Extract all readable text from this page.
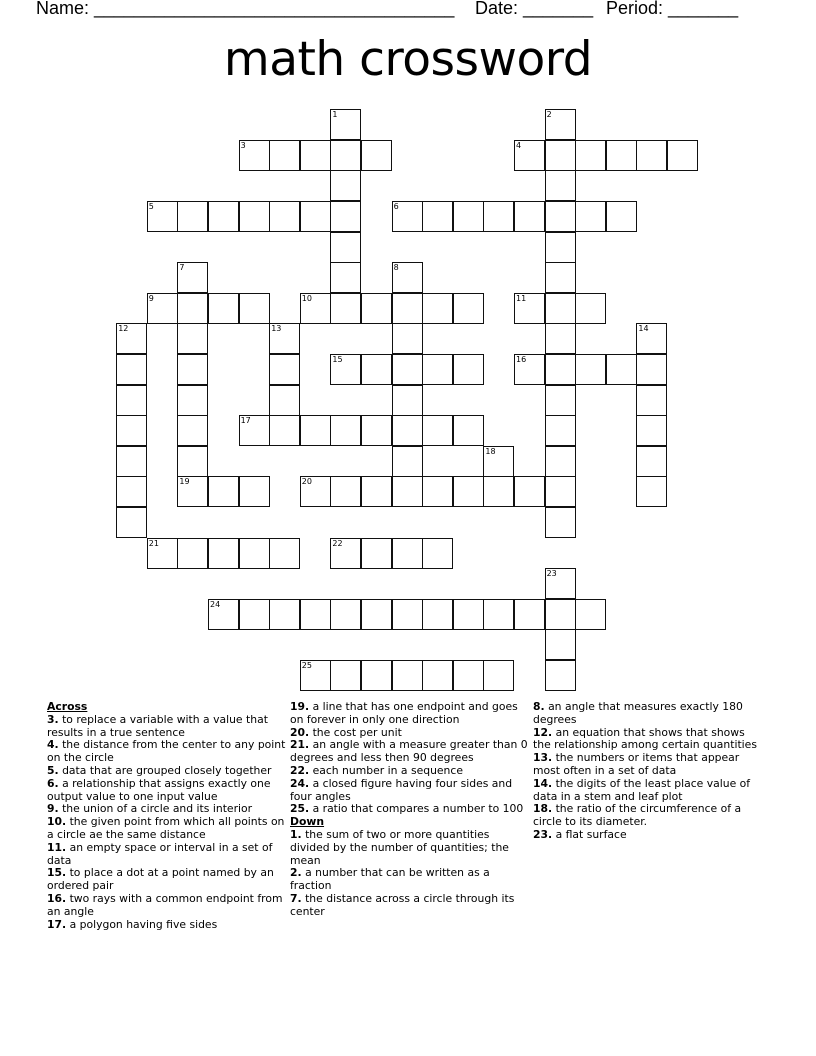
Name: ____________________________________ Date: _______ Period: _______
math crossword
1	2
3	4
5	6
7
19
8
9	10	11
12	13	14
15	16
17
18
20
21	22
23
24
25
Across

3. to replace a variable with a value that results in a true sentence

4. the distance from the center to any point on the circle

5. data that are grouped closely together

6. a relationship that assigns exactly one output value to one input value

9. the union of a circle and its interior

10. the given point from which all points on a circle ae the same distance

11. an empty space or interval in a set of data

15. to place a dot at a point named by an ordered pair

16. two rays with a common endpoint from an angle

17. a polygon having five sides

19. a line that has one endpoint and goes on forever in only one direction

20. the cost per unit

21. an angle with a measure greater than 0 degrees and less then 90 degrees

22. each number in a sequence

24. a closed figure having four sides and four angles

25. a ratio that compares a number to 100

Down

1. the sum of two or more quantities divided by the number of quantities; the mean

2. a number that can be written as a fraction

7. the distance across a circle through its center

8. an angle that measures exactly 180 degrees

12. an equation that shows that shows the relationship among certain quantities

13. the numbers or items that appear most often in a set of data

14. the digits of the least place value of data in a stem and leaf plot

18. the ratio of the circumference of a circle to its diameter.

23. a flat surface
